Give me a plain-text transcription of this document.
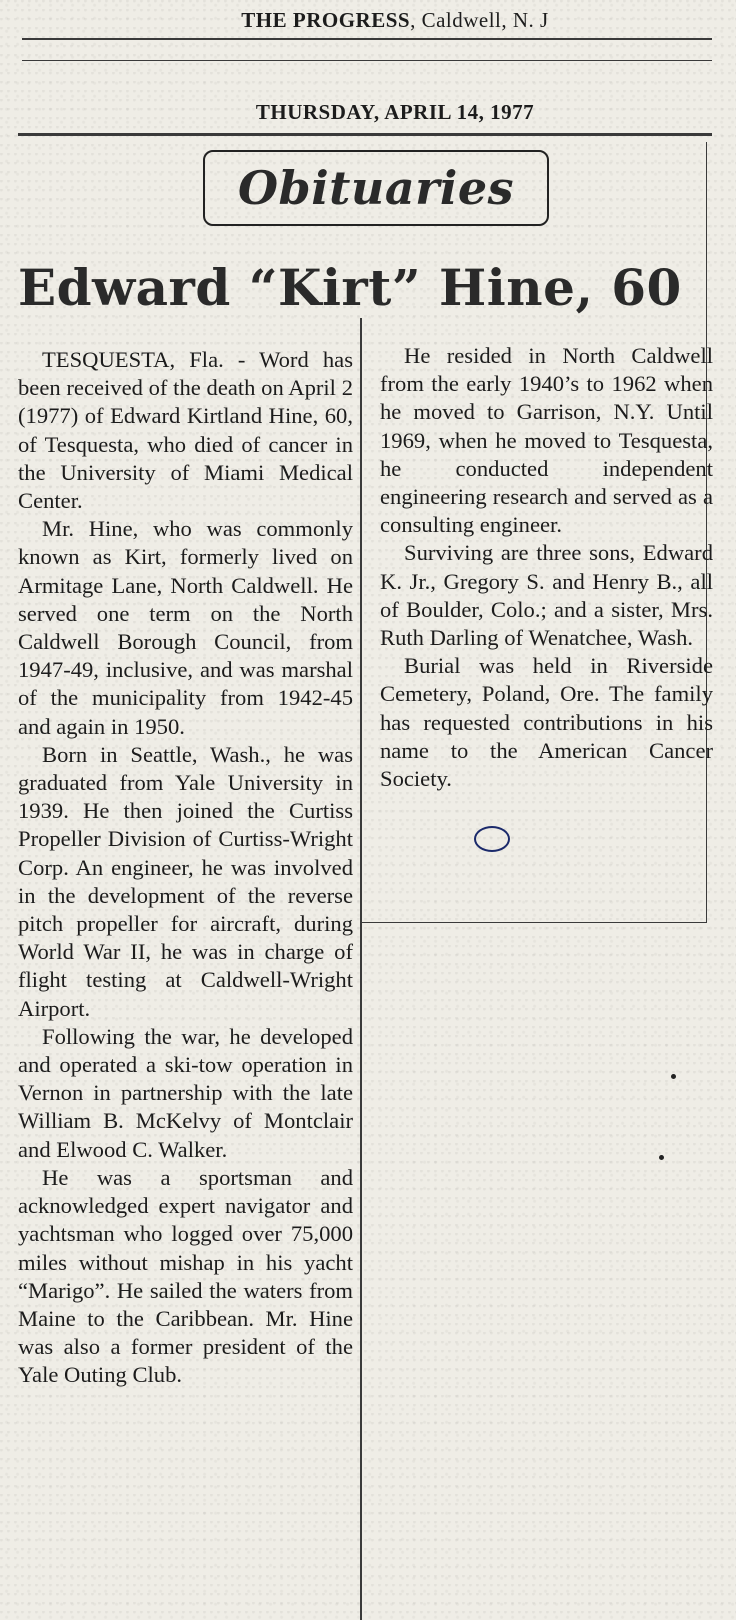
THE PROGRESS, Caldwell, N. J
THURSDAY, APRIL 14, 1977
Obituaries
Edward “Kirt” Hine, 60

TESQUESTA, Fla. - Word has been received of the death on April 2 (1977) of Edward Kirtland Hine, 60, of Tesquesta, who died of cancer in the University of Miami Medical Center.

Mr. Hine, who was commonly known as Kirt, formerly lived on Armitage Lane, North Caldwell. He served one term on the North Caldwell Borough Council, from 1947-49, inclusive, and was marshal of the municipality from 1942-45 and again in 1950.

Born in Seattle, Wash., he was graduated from Yale University in 1939. He then joined the Curtiss Propeller Division of Curtiss-Wright Corp. An engineer, he was involved in the development of the reverse pitch propeller for aircraft, during World War II, he was in charge of flight testing at Caldwell-Wright Airport.

Following the war, he developed and operated a ski-tow operation in Vernon in partnership with the late William B. McKelvy of Montclair and Elwood C. Walker.

He was a sportsman and acknowledged expert navigator and yachtsman who logged over 75,000 miles without mishap in his yacht “Marigo”. He sailed the waters from Maine to the Caribbean. Mr. Hine was also a former president of the Yale Outing Club.

He resided in North Caldwell from the early 1940’s to 1962 when he moved to Garrison, N.Y. Until 1969, when he moved to Tesquesta, he conducted independent engineering research and served as a consulting engineer.

Surviving are three sons, Edward K. Jr., Gregory S. and Henry B., all of Boulder, Colo.; and a sister, Mrs. Ruth Darling of Wenatchee, Wash.

Burial was held in Riverside Cemetery, Poland, Ore. The family has requested contributions in his name to the American Cancer Society.
